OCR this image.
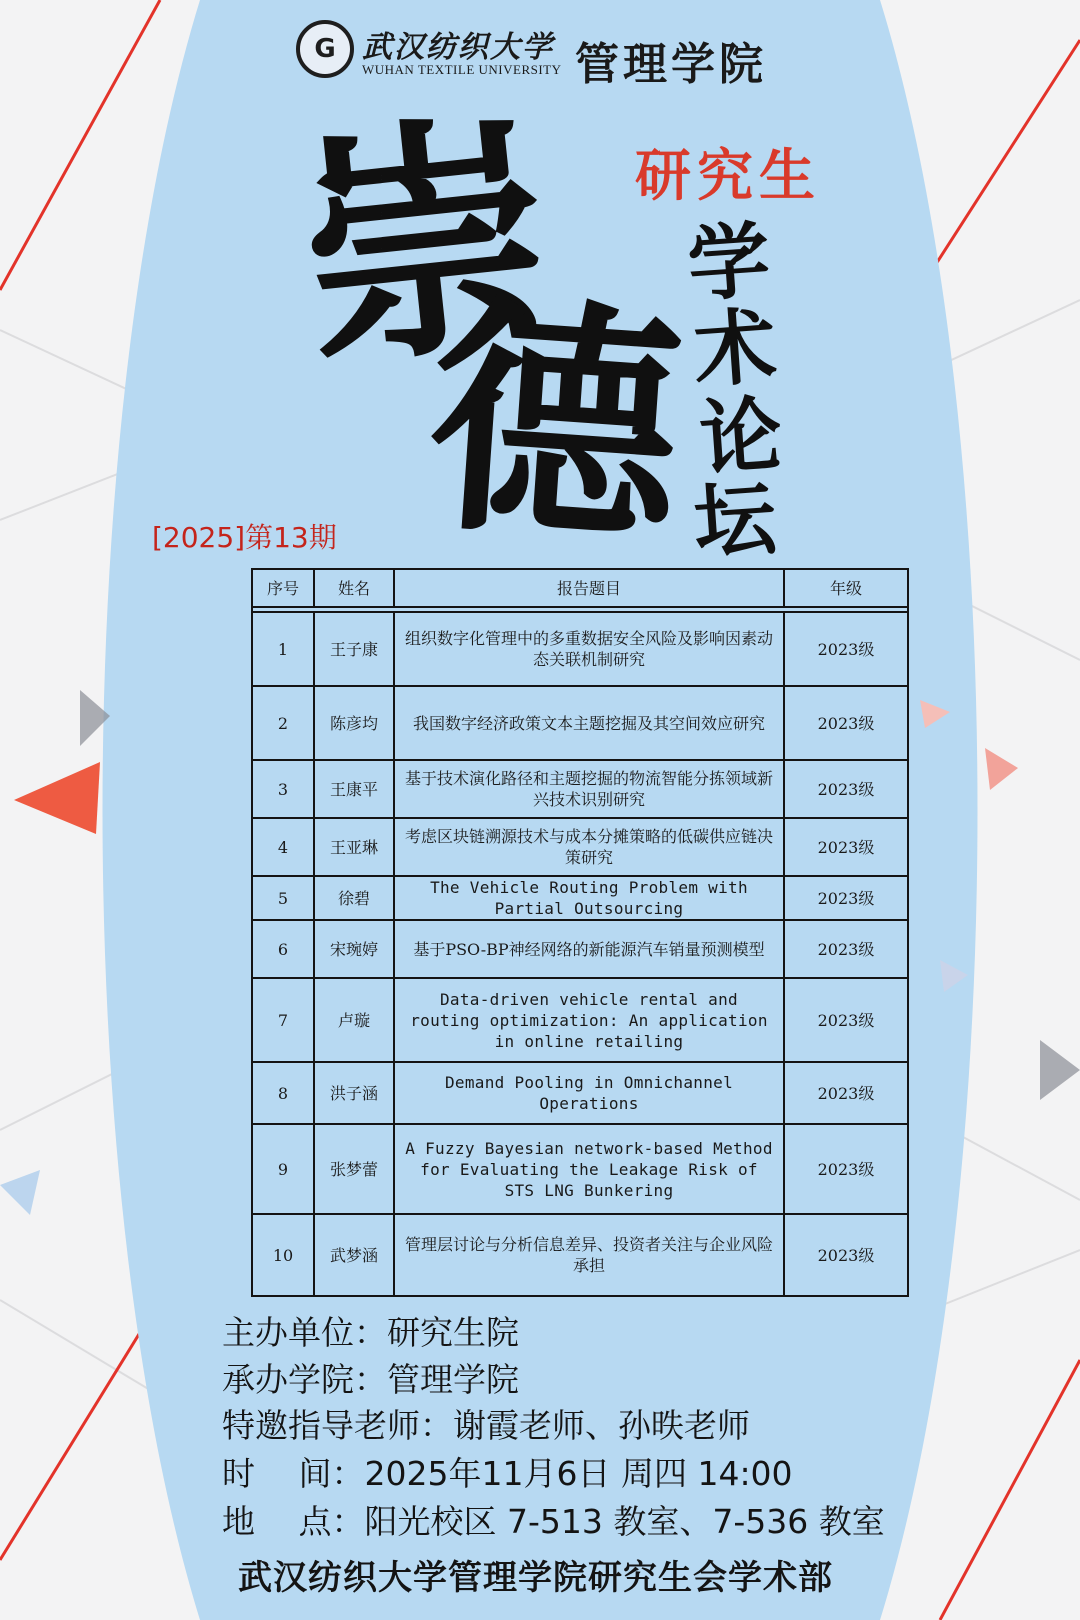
G 武汉纺织大学
WUHAN TEXTILE UNIVERSITY 管理学院
研究生
崇
德
学
术
论
坛
[2025]第13期
序号	姓名	报告题目	年级

1	王子康	组织数字化管理中的多重数据安全风险及影响因素动态关联机制研究	2023级
2	陈彦均	我国数字经济政策文本主题挖掘及其空间效应研究	2023级
3	王康平	基于技术演化路径和主题挖掘的物流智能分拣领域新兴技术识别研究	2023级
4	王亚琳	考虑区块链溯源技术与成本分摊策略的低碳供应链决策研究	2023级
5	徐碧	The Vehicle Routing Problem with Partial Outsourcing	2023级
6	宋琬婷	基于PSO-BP神经网络的新能源汽车销量预测模型	2023级
7	卢璇	Data-driven vehicle rental and routing optimization: An application in online retailing	2023级
8	洪子涵	Demand Pooling in Omnichannel Operations	2023级
9	张梦蕾	A Fuzzy Bayesian network-based Method for Evaluating the Leakage Risk of STS LNG Bunkering	2023级
10	武梦涵	管理层讨论与分析信息差异、投资者关注与企业风险承担	2023级
主办单位：研究生院
承办学院：管理学院
特邀指导老师：谢霞老师、孙昳老师
时　 间：2025年11月6日 周四 14:00
地　 点：阳光校区 7-513 教室、7-536 教室
武汉纺织大学管理学院研究生会学术部
